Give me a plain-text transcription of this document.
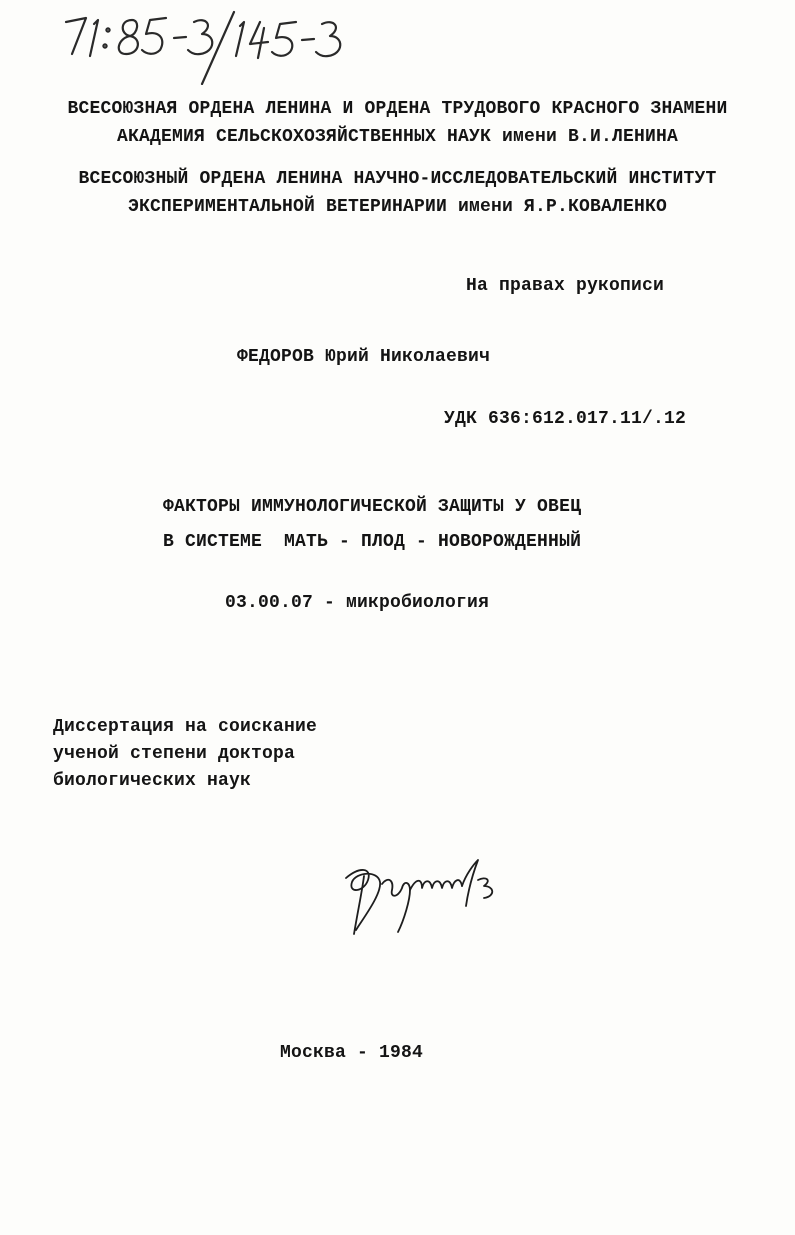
ВСЕСОЮЗНАЯ ОРДЕНА ЛЕНИНА И ОРДЕНА ТРУДОВОГО КРАСНОГО ЗНАМЕНИ
АКАДЕМИЯ СЕЛЬСКОХОЗЯЙСТВЕННЫХ НАУК имени В.И.ЛЕНИНА
ВСЕСОЮЗНЫЙ ОРДЕНА ЛЕНИНА НАУЧНО-ИССЛЕДОВАТЕЛЬСКИЙ ИНСТИТУТ
ЭКСПЕРИМЕНТАЛЬНОЙ ВЕТЕРИНАРИИ имени Я.Р.КОВАЛЕНКО
На правах рукописи
ФЕДОРОВ Юрий Николаевич
УДК 636:612.017.11/.12
ФАКТОРЫ ИММУНОЛОГИЧЕСКОЙ ЗАЩИТЫ У ОВЕЦ
В СИСТЕМЕ  МАТЬ - ПЛОД - НОВОРОЖДЕННЫЙ
03.00.07 - микробиология
Диссертация на соискание
ученой степени доктора
биологических наук
Москва - 1984
